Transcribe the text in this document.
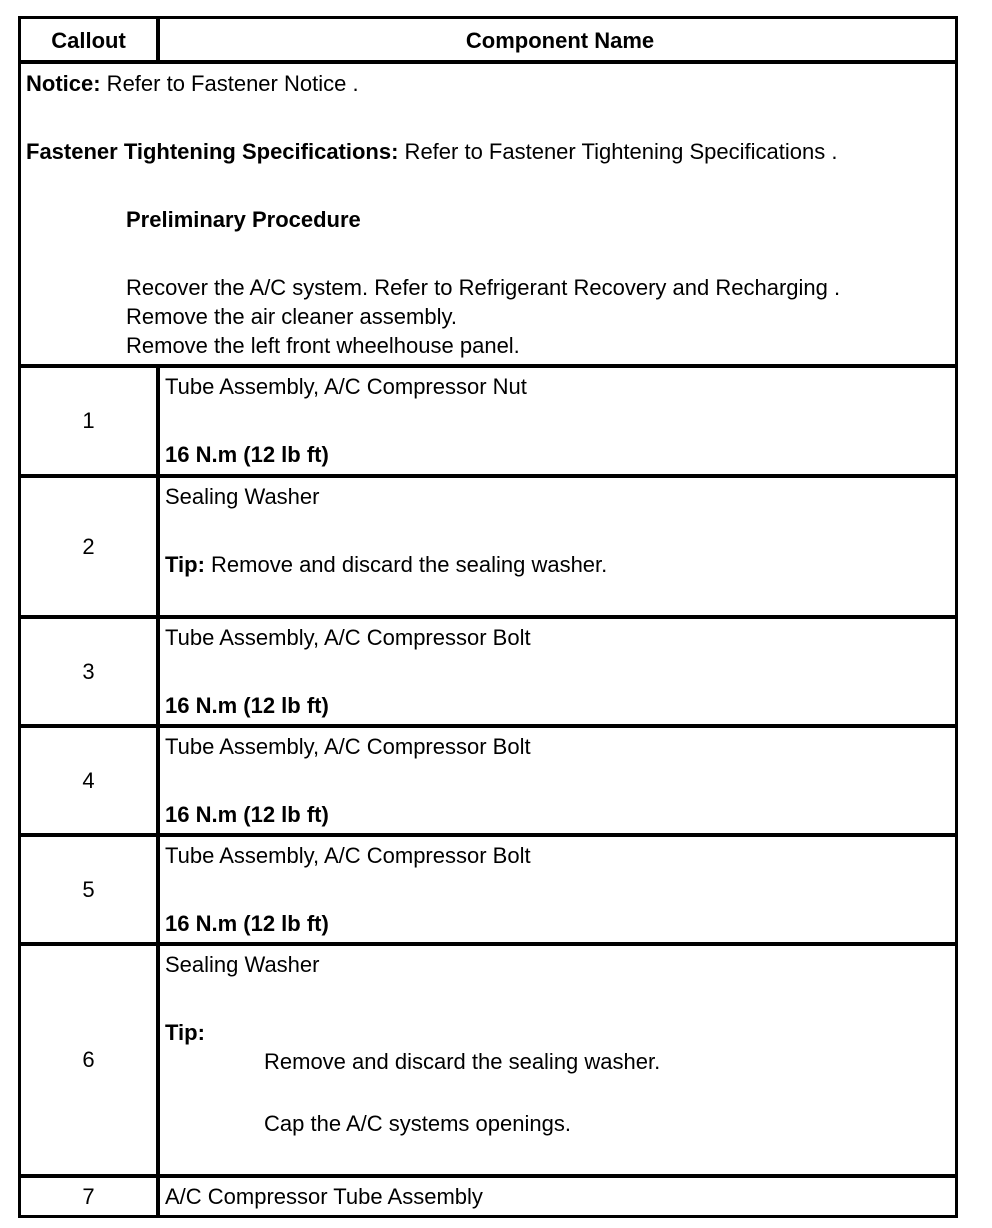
Callout	Component Name
Notice: Refer to Fastener Notice .
Fastener Tightening Specifications: Refer to Fastener Tightening Specifications .
Preliminary Procedure
Recover the A/C system. Refer to Refrigerant Recovery and Recharging .
Remove the air cleaner assembly.
Remove the left front wheelhouse panel.
1
Tube Assembly, A/C Compressor Nut
16 N.m (12 lb ft)
2
Sealing Washer
Tip: Remove and discard the sealing washer.
3
Tube Assembly, A/C Compressor Bolt
16 N.m (12 lb ft)
4
Tube Assembly, A/C Compressor Bolt
16 N.m (12 lb ft)
5
Tube Assembly, A/C Compressor Bolt
16 N.m (12 lb ft)
6
Sealing Washer
Tip:
Remove and discard the sealing washer.
Cap the A/C systems openings.
7	A/C Compressor Tube Assembly
